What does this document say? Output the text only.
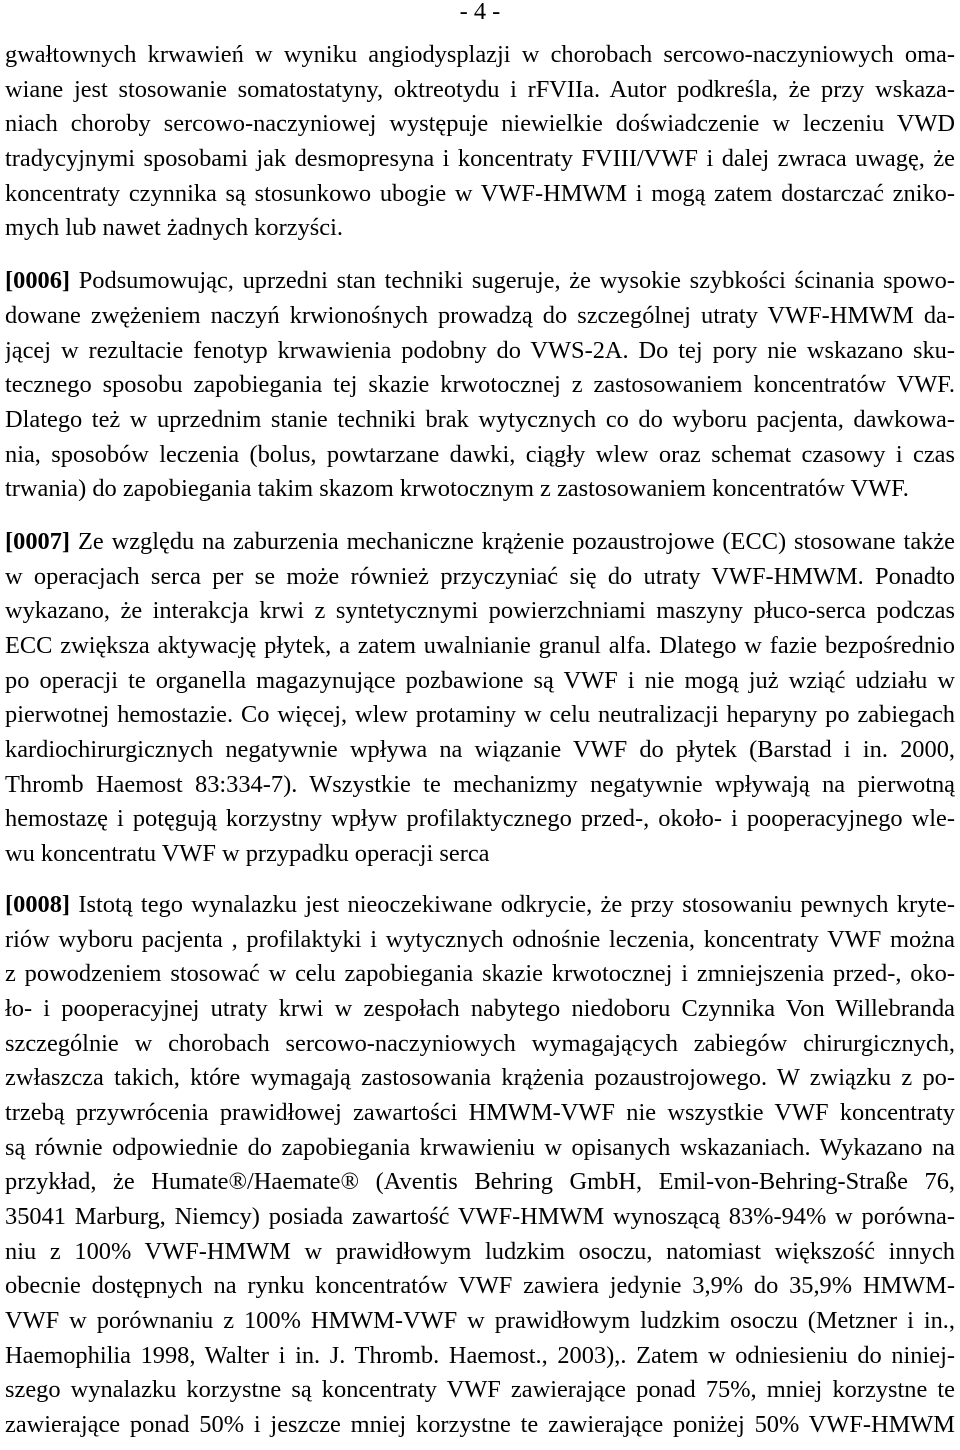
- 4 -
gwałtownych krwawień w wyniku angiodysplazji w chorobach sercowo-naczyniowych oma-
wiane jest stosowanie somatostatyny, oktreotydu i rFVIIa. Autor podkreśla, że przy wskaza-
niach choroby sercowo-naczyniowej występuje niewielkie doświadczenie w leczeniu VWD
tradycyjnymi sposobami jak desmopresyna i koncentraty FVIII/VWF i dalej zwraca uwagę, że
koncentraty czynnika są stosunkowo ubogie w VWF-HMWM i mogą zatem dostarczać zniko-
mych lub nawet żadnych korzyści.
[0006] Podsumowując, uprzedni stan techniki sugeruje, że wysokie szybkości ścinania spowo-
dowane zwężeniem naczyń krwionośnych prowadzą do szczególnej utraty VWF-HMWM da-
jącej w rezultacie fenotyp krwawienia podobny do VWS-2A. Do tej pory nie wskazano sku-
tecznego sposobu zapobiegania tej skazie krwotocznej z zastosowaniem koncentratów VWF.
Dlatego też w uprzednim stanie techniki brak wytycznych co do wyboru pacjenta, dawkowa-
nia, sposobów leczenia (bolus, powtarzane dawki, ciągły wlew oraz schemat czasowy i czas
trwania) do zapobiegania takim skazom krwotocznym z zastosowaniem koncentratów VWF.
[0007] Ze względu na zaburzenia mechaniczne krążenie pozaustrojowe (ECC) stosowane także
w operacjach serca per se może również przyczyniać się do utraty VWF-HMWM. Ponadto
wykazano, że interakcja krwi z syntetycznymi powierzchniami maszyny płuco-serca podczas
ECC zwiększa aktywację płytek, a zatem uwalnianie granul alfa. Dlatego w fazie bezpośrednio
po operacji te organella magazynujące pozbawione są VWF i nie mogą już wziąć udziału w
pierwotnej hemostazie. Co więcej, wlew protaminy w celu neutralizacji heparyny po zabiegach
kardiochirurgicznych negatywnie wpływa na wiązanie VWF do płytek (Barstad i in. 2000,
Thromb Haemost 83:334-7). Wszystkie te mechanizmy negatywnie wpływają na pierwotną
hemostazę i potęgują korzystny wpływ profilaktycznego przed-, około- i pooperacyjnego wle-
wu koncentratu VWF w przypadku operacji serca
[0008] Istotą tego wynalazku jest nieoczekiwane odkrycie, że przy stosowaniu pewnych kryte-
riów wyboru pacjenta , profilaktyki i wytycznych odnośnie leczenia, koncentraty VWF można
z powodzeniem stosować w celu zapobiegania skazie krwotocznej i zmniejszenia przed-, oko-
ło- i pooperacyjnej utraty krwi w zespołach nabytego niedoboru Czynnika Von Willebranda
szczególnie w chorobach sercowo-naczyniowych wymagających zabiegów chirurgicznych,
zwłaszcza takich, które wymagają zastosowania krążenia pozaustrojowego. W związku z po-
trzebą przywrócenia prawidłowej zawartości HMWM-VWF nie wszystkie VWF koncentraty
są równie odpowiednie do zapobiegania krwawieniu w opisanych wskazaniach. Wykazano na
przykład, że Humate®/Haemate® (Aventis Behring GmbH, Emil-von-Behring-Straße 76,
35041 Marburg, Niemcy) posiada zawartość VWF-HMWM wynoszącą 83%-94% w porówna-
niu z 100% VWF-HMWM w prawidłowym ludzkim osoczu, natomiast większość innych
obecnie dostępnych na rynku koncentratów VWF zawiera jedynie 3,9% do 35,9% HMWM-
VWF w porównaniu z 100% HMWM-VWF w prawidłowym ludzkim osoczu (Metzner i in.,
Haemophilia 1998, Walter i in. J. Thromb. Haemost., 2003),. Zatem w odniesieniu do niniej-
szego wynalazku korzystne są koncentraty VWF zawierające ponad 75%, mniej korzystne te
zawierające ponad 50% i jeszcze mniej korzystne te zawierające poniżej 50% VWF-HMWM
